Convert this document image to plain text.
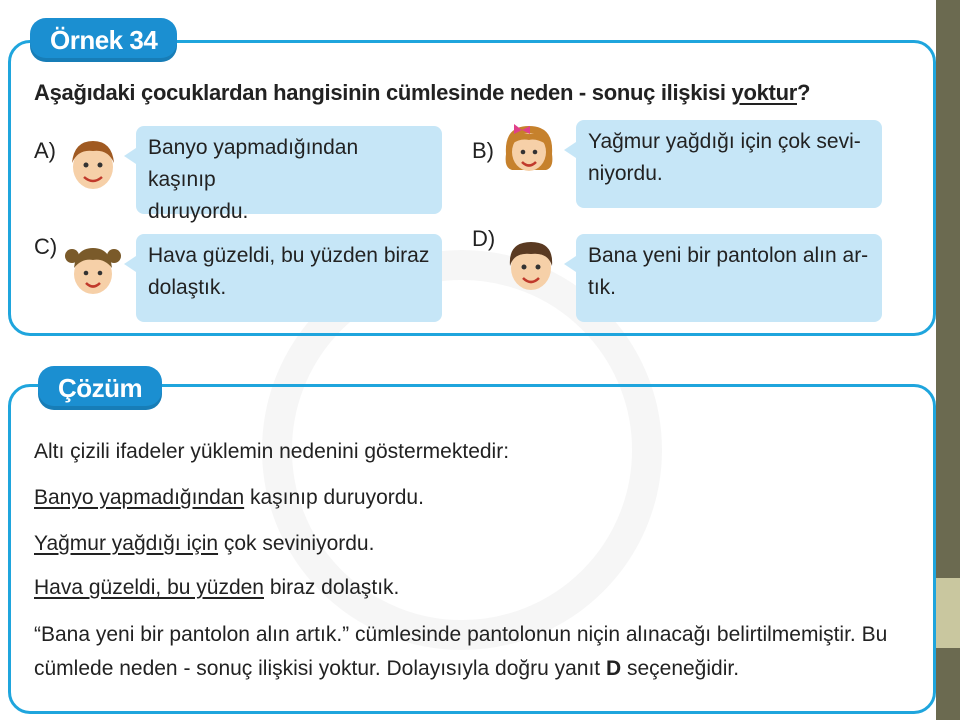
Örnek 34
Aşağıdaki çocuklardan hangisinin cümlesinde neden - sonuç ilişkisi yoktur?
A)	Banyo yapmadığından kaşınıp
duruyordu.
B)	Yağmur yağdığı için çok sevi-
niyordu.
C)	Hava güzeldi, bu yüzden biraz
dolaştık.
D)
Bana yeni bir pantolon alın ar-
tık.
Çözüm
Altı çizili ifadeler yüklemin nedenini göstermektedir:
Banyo yapmadığından kaşınıp duruyordu.
Yağmur yağdığı için çok seviniyordu.
Hava güzeldi, bu yüzden biraz dolaştık.
“Bana yeni bir pantolon alın artık.” cümlesinde pantolonun niçin alınacağı belirtilmemiştir. Bu cümlede neden - sonuç ilişkisi yoktur. Dolayısıyla doğru yanıt D seçeneğidir.
